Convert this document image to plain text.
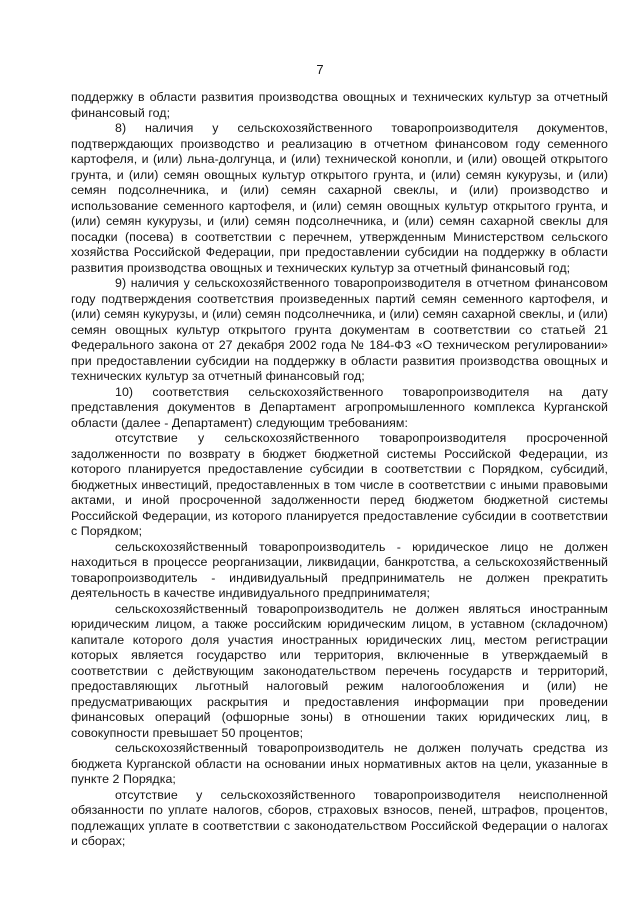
7

поддержку в области развития производства овощных и технических культур за отчетный финансовый год;

8) наличия у сельскохозяйственного товаропроизводителя документов, подтверждающих производство и реализацию в отчетном финансовом году семенного картофеля, и (или) льна-долгунца, и (или) технической конопли, и (или) овощей открытого грунта, и (или) семян овощных культур открытого грунта, и (или) семян кукурузы, и (или) семян подсолнечника, и (или) семян сахарной свеклы, и (или) производство и использование семенного картофеля, и (или) семян овощных культур открытого грунта, и (или) семян кукурузы, и (или) семян подсолнечника, и (или) семян сахарной свеклы для посадки (посева) в соответствии с перечнем, утвержденным Министерством сельского хозяйства Российской Федерации, при предоставлении субсидии на поддержку в области развития производства овощных и технических культур за отчетный финансовый год;

9) наличия у сельскохозяйственного товаропроизводителя в отчетном финансовом году подтверждения соответствия произведенных партий семян семенного картофеля, и (или) семян кукурузы, и (или) семян подсолнечника, и (или) семян сахарной свеклы, и (или) семян овощных культур открытого грунта документам в соответствии со статьей 21 Федерального закона от 27 декабря 2002 года № 184-ФЗ «О техническом регулировании» при предоставлении субсидии на поддержку в области развития производства овощных и технических культур за отчетный финансовый год;

10) соответствия сельскохозяйственного товаропроизводителя на дату представления документов в Департамент агропромышленного комплекса Курганской области (далее - Департамент) следующим требованиям:

отсутствие у сельскохозяйственного товаропроизводителя просроченной задолженности по возврату в бюджет бюджетной системы Российской Федерации, из которого планируется предоставление субсидии в соответствии с Порядком, субсидий, бюджетных инвестиций, предоставленных в том числе в соответствии с иными правовыми актами, и иной просроченной задолженности перед бюджетом бюджетной системы Российской Федерации, из которого планируется предоставление субсидии в соответствии с Порядком;

сельскохозяйственный товаропроизводитель - юридическое лицо не должен находиться в процессе реорганизации, ликвидации, банкротства, а сельскохозяйственный товаропроизводитель - индивидуальный предприниматель не должен прекратить деятельность в качестве индивидуального предпринимателя;

сельскохозяйственный товаропроизводитель не должен являться иностранным юридическим лицом, а также российским юридическим лицом, в уставном (складочном) капитале которого доля участия иностранных юридических лиц, местом регистрации которых является государство или территория, включенные в утверждаемый в соответствии с действующим законодательством перечень государств и территорий, предоставляющих льготный налоговый режим налогообложения и (или) не предусматривающих раскрытия и предоставления информации при проведении финансовых операций (офшорные зоны) в отношении таких юридических лиц, в совокупности превышает 50 процентов;

сельскохозяйственный товаропроизводитель не должен получать средства из бюджета Курганской области на основании иных нормативных актов на цели, указанные в пункте 2 Порядка;

отсутствие у сельскохозяйственного товаропроизводителя неисполненной обязанности по уплате налогов, сборов, страховых взносов, пеней, штрафов, процентов, подлежащих уплате в соответствии с законодательством Российской Федерации о налогах и сборах;
